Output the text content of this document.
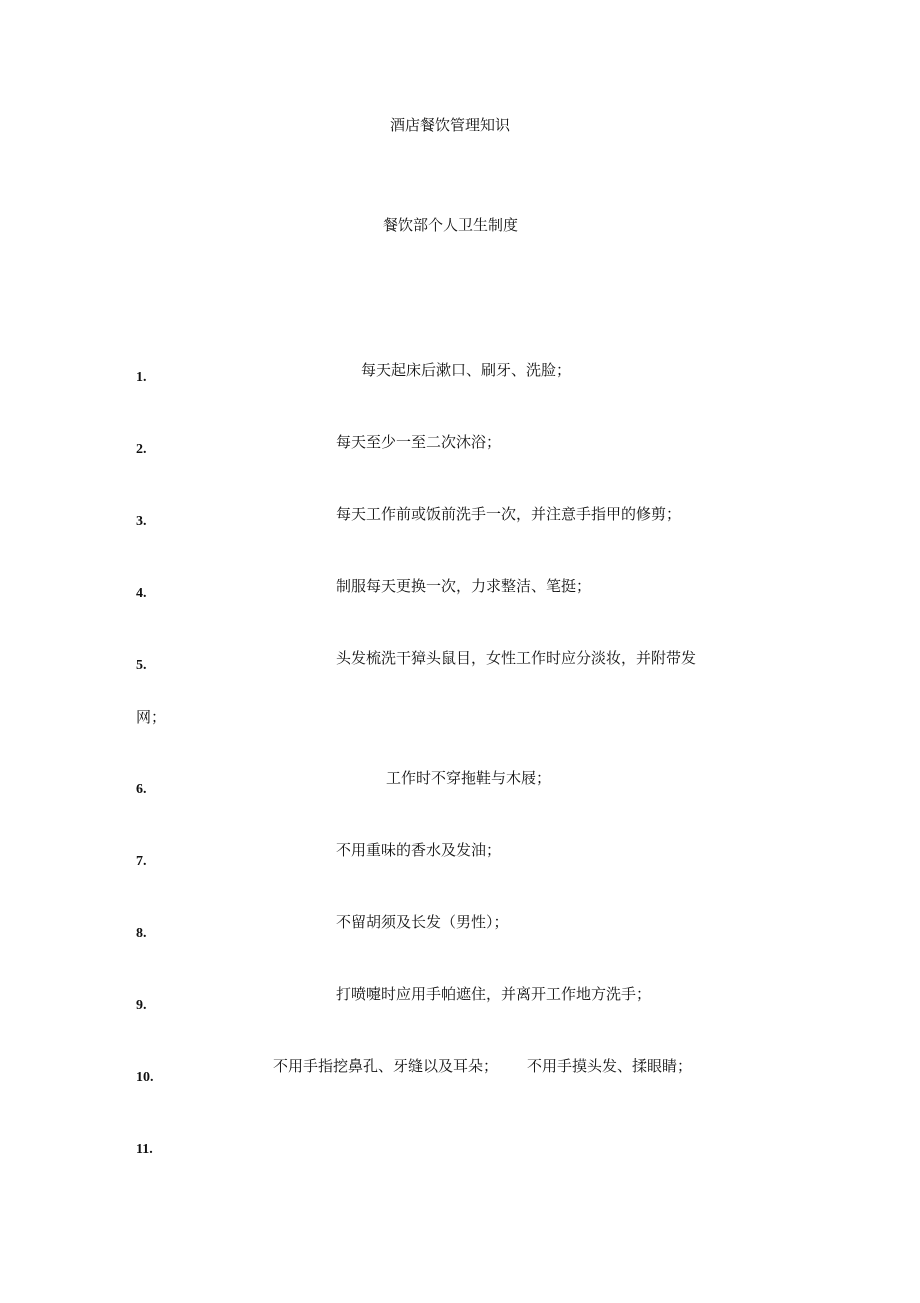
酒店餐饮管理知识
餐饮部个人卫生制度
1.	每天起床后漱口、刷牙、洗脸；
2.	每天至少一至二次沐浴；
3.	每天工作前或饭前洗手一次，并注意手指甲的修剪；
4.	制服每天更换一次，力求整洁、笔挺；
5.	头发梳洗干獐头鼠目，女性工作时应分淡妆，并附带发
网；
6.
工作时不穿拖鞋与木屐；
7.
不用重味的香水及发油；
8.
不留胡须及长发（男性）；
9.
打喷嚏时应用手帕遮住，并离开工作地方洗手；
10.
不用手指挖鼻孔、牙缝以及耳朵；
11.
不用手摸头发、揉眼睛；
